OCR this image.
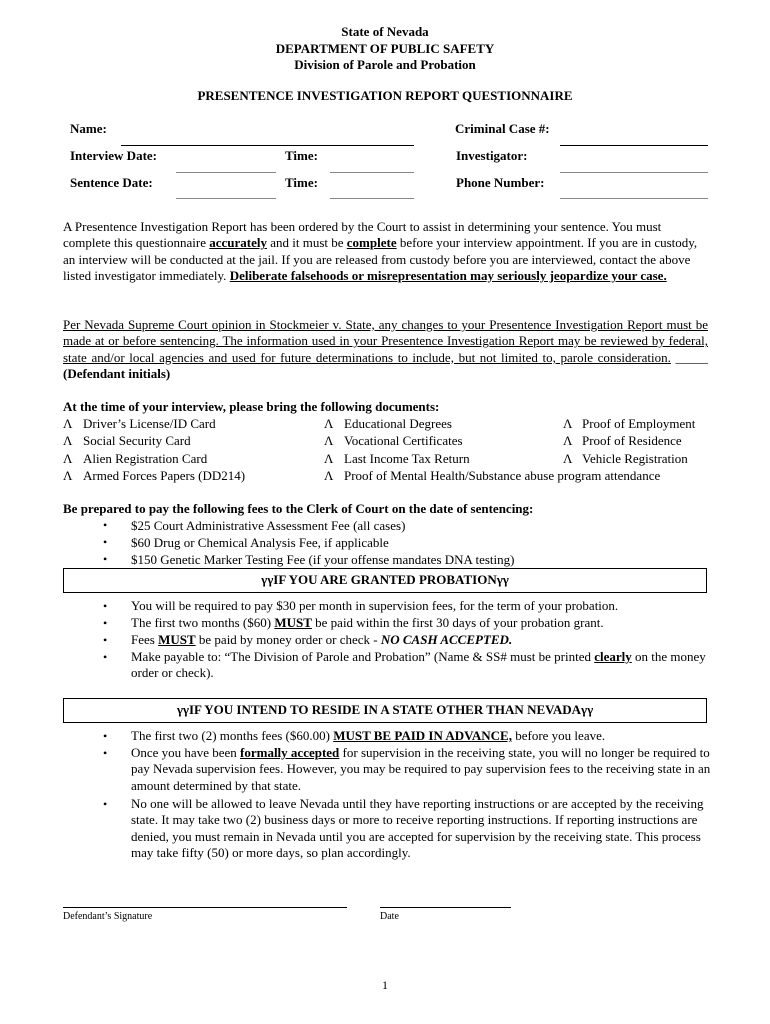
State of Nevada
DEPARTMENT OF PUBLIC SAFETY
Division of Parole and Probation
PRESENTENCE INVESTIGATION REPORT QUESTIONNAIRE
Name:	Criminal Case #:
Interview Date:	Time:	Investigator:
Sentence Date:	Time:	Phone Number:
A Presentence Investigation Report has been ordered by the Court to assist in determining your sentence. You must complete this questionnaire accurately and it must be complete before your interview appointment. If you are in custody, an interview will be conducted at the jail. If you are released from custody before you are interviewed, contact the above listed investigator immediately. Deliberate falsehoods or misrepresentation may seriously jeopardize your case.
Per Nevada Supreme Court opinion in Stockmeier v. State, any changes to your Presentence Investigation Report must be made at or before sentencing. The information used in your Presentence Investigation Report may be reviewed by federal, state and/or local agencies and used for future determinations to include, but not limited to, parole consideration. _____ (Defendant initials)
At the time of your interview, please bring the following documents:
Λ Driver’s License/ID Card
Λ Social Security Card
Λ Alien Registration Card
Λ Armed Forces Papers (DD214)
Λ Educational Degrees
Λ Vocational Certificates
Λ Last Income Tax Return
Λ Proof of Mental Health/Substance abuse program attendance
Λ Proof of Employment
Λ Proof of Residence
Λ Vehicle Registration
Be prepared to pay the following fees to the Clerk of Court on the date of sentencing:
• $25 Court Administrative Assessment Fee (all cases)
• $60 Drug or Chemical Analysis Fee, if applicable
• $150 Genetic Marker Testing Fee (if your offense mandates DNA testing)
γγIF YOU ARE GRANTED PROBATIONγγ
• You will be required to pay $30 per month in supervision fees, for the term of your probation.
• The first two months ($60) MUST be paid within the first 30 days of your probation grant.
• Fees MUST be paid by money order or check - NO CASH ACCEPTED.
• Make payable to: “The Division of Parole and Probation” (Name & SS# must be printed clearly on the money order or check).
γγIF YOU INTEND TO RESIDE IN A STATE OTHER THAN NEVADAγγ
• The first two (2) months fees ($60.00) MUST BE PAID IN ADVANCE, before you leave.
• Once you have been formally accepted for supervision in the receiving state, you will no longer be required to pay Nevada supervision fees. However, you may be required to pay supervision fees to the receiving state in an amount determined by that state.
• No one will be allowed to leave Nevada until they have reporting instructions or are accepted by the receiving state. It may take two (2) business days or more to receive reporting instructions. If reporting instructions are denied, you must remain in Nevada until you are accepted for supervision by the receiving state. This process may take fifty (50) or more days, so plan accordingly.
Defendant’s Signature	Date
1
